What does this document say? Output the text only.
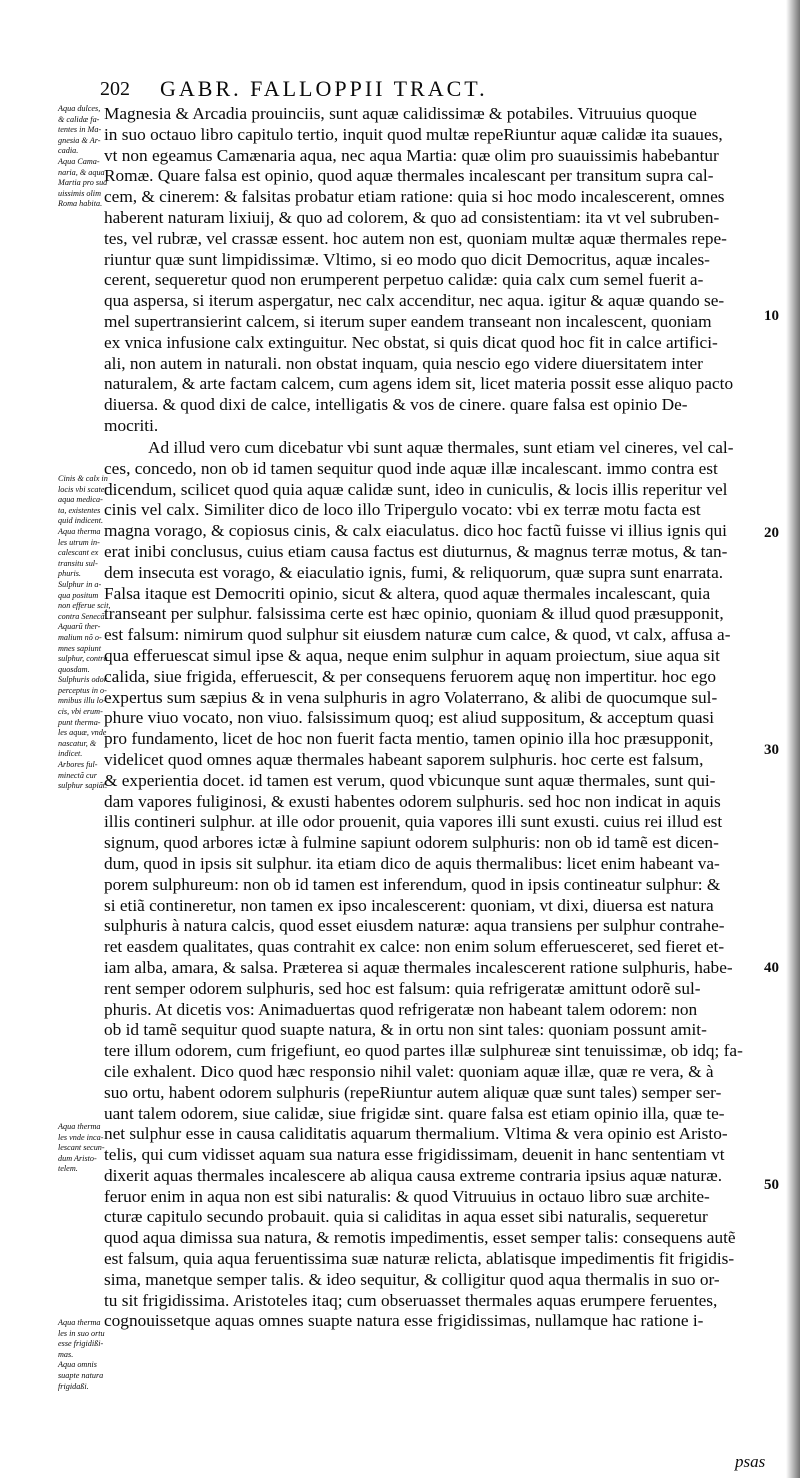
202 GABR. FALLOPPII TRACT.
Aqua dulces,
& calidæ fa-
tentes in Ma-
gnesia & Ar-
cadia.
Aqua Cama-
naria, & aqua
Martia pro sua
uissimis olim
Roma habita.
Cinis & calx in
locis vbi scatet
aqua medica-
ta, existentes
quid indicent.
Aqua therma
les utrum in-
calescant ex
transitu sul-
phuris.
Sulphur in a-
qua positum
non efferue scit,
contra Senecã.
Aquarũ ther-
malium nõ o-
mnes sapiunt
sulphur, contra
quosdam.
Sulphuris odor
perceptus in o-
mnibus illu lo-
cis, vbi erum-
punt therma-
les aquæ, vnde
nascatur, &
indicet.
Arbores ful-
minectã cur
sulphur sapiãt.
Aqua therma
les vnde inca-
lescant secun-
dum Aristo-
telem.
Aqua therma
les in suo ortu
esse frigidißi-
mas.
Aqua omnis
suapte natura
frigidaßi.
Magnesia & Arcadia prouinciis, sunt aquæ calidissimæ & potabiles. Vitruuius quoque
in suo octauo libro capitulo tertio, inquit quod multæ repeRiuntur aquæ calidæ ita suaues,
vt non egeamus Camænaria aqua, nec aqua Martia: quæ olim pro suauissimis habebantur
Romæ. Quare falsa est opinio, quod aquæ thermales incalescant per transitum supra cal-
cem, & cinerem: & falsitas probatur etiam ratione: quia si hoc modo incalescerent, omnes
haberent naturam lixiuij, & quo ad colorem, & quo ad consistentiam: ita vt vel subruben-
tes, vel rubræ, vel crassæ essent. hoc autem non est, quoniam multæ aquæ thermales repe-
riuntur quæ sunt limpidissimæ. Vltimo, si eo modo quo dicit Democritus, aquæ incales-
cerent, sequeretur quod non erumperent perpetuo calidæ: quia calx cum semel fuerit a-
qua aspersa, si iterum aspergatur, nec calx accenditur, nec aqua. igitur & aquæ quando se-
mel supertransierint calcem, si iterum super eandem transeant non incalescent, quoniam
ex vnica infusione calx extinguitur. Nec obstat, si quis dicat quod hoc fit in calce artifici-
ali, non autem in naturali. non obstat inquam, quia nescio ego videre diuersitatem inter
naturalem, & arte factam calcem, cum agens idem sit, licet materia possit esse aliquo pacto
diuersa. & quod dixi de calce, intelligatis & vos de cinere. quare falsa est opinio De-
mocriti.
Ad illud vero cum dicebatur vbi sunt aquæ thermales, sunt etiam vel cineres, vel cal-
ces, concedo, non ob id tamen sequitur quod inde aquæ illæ incalescant. immo contra est
dicendum, scilicet quod quia aquæ calidæ sunt, ideo in cuniculis, & locis illis reperitur vel
cinis vel calx. Similiter dico de loco illo Tripergulo vocato: vbi ex terræ motu facta est
magna vorago, & copiosus cinis, & calx eiaculatus. dico hoc factũ fuisse vi illius ignis qui
erat inibi conclusus, cuius etiam causa factus est diuturnus, & magnus terræ motus, & tan-
dem insecuta est vorago, & eiaculatio ignis, fumi, & reliquorum, quæ supra sunt enarrata.
Falsa itaque est Democriti opinio, sicut & altera, quod aquæ thermales incalescant, quia
transeant per sulphur. falsissima certe est hæc opinio, quoniam & illud quod præsupponit,
est falsum: nimirum quod sulphur sit eiusdem naturæ cum calce, & quod, vt calx, affusa a-
qua efferuescat simul ipse & aqua, neque enim sulphur in aquam proiectum, siue aqua sit
calida, siue frigida, efferuescit, & per consequens feruorem aquę non impertitur. hoc ego
expertus sum sæpius & in vena sulphuris in agro Volaterrano, & alibi de quocumque sul-
phure viuo vocato, non viuo. falsissimum quoq; est aliud suppositum, & acceptum quasi
pro fundamento, licet de hoc non fuerit facta mentio, tamen opinio illa hoc præsupponit,
videlicet quod omnes aquæ thermales habeant saporem sulphuris. hoc certe est falsum,
& experientia docet. id tamen est verum, quod vbicunque sunt aquæ thermales, sunt qui-
dam vapores fuliginosi, & exusti habentes odorem sulphuris. sed hoc non indicat in aquis
illis contineri sulphur. at ille odor prouenit, quia vapores illi sunt exusti. cuius rei illud est
signum, quod arbores ictæ à fulmine sapiunt odorem sulphuris: non ob id tamẽ est dicen-
dum, quod in ipsis sit sulphur. ita etiam dico de aquis thermalibus: licet enim habeant va-
porem sulphureum: non ob id tamen est inferendum, quod in ipsis contineatur sulphur: &
si etiã contineretur, non tamen ex ipso incalescerent: quoniam, vt dixi, diuersa est natura
sulphuris à natura calcis, quod esset eiusdem naturæ: aqua transiens per sulphur contrahe-
ret easdem qualitates, quas contrahit ex calce: non enim solum efferuesceret, sed fieret et-
iam alba, amara, & salsa. Præterea si aquæ thermales incalescerent ratione sulphuris, habe-
rent semper odorem sulphuris, sed hoc est falsum: quia refrigeratæ amittunt odorẽ sul-
phuris. At dicetis vos: Animaduertas quod refrigeratæ non habeant talem odorem: non
ob id tamẽ sequitur quod suapte natura, & in ortu non sint tales: quoniam possunt amit-
tere illum odorem, cum frigefiunt, eo quod partes illæ sulphureæ sint tenuissimæ, ob idq; fa-
cile exhalent. Dico quod hæc responsio nihil valet: quoniam aquæ illæ, quæ re vera, & à
suo ortu, habent odorem sulphuris (repeRiuntur autem aliquæ quæ sunt tales) semper ser-
uant talem odorem, siue calidæ, siue frigidæ sint. quare falsa est etiam opinio illa, quæ te-
net sulphur esse in causa caliditatis aquarum thermalium. Vltima & vera opinio est Aristo-
telis, qui cum vidisset aquam sua natura esse frigidissimam, deuenit in hanc sententiam vt
dixerit aquas thermales incalescere ab aliqua causa extreme contraria ipsius aquæ naturæ.
feruor enim in aqua non est sibi naturalis: & quod Vitruuius in octauo libro suæ archite-
cturæ capitulo secundo probauit. quia si caliditas in aqua esset sibi naturalis, sequeretur
quod aqua dimissa sua natura, & remotis impedimentis, esset semper talis: consequens autẽ
est falsum, quia aqua feruentissima suæ naturæ relicta, ablatisque impedimentis fit frigidis-
sima, manetque semper talis. & ideo sequitur, & colligitur quod aqua thermalis in suo or-
tu sit frigidissima. Aristoteles itaq; cum obseruasset thermales aquas erumpere feruentes,
cognouissetque aquas omnes suapte natura esse frigidissimas, nullamque hac ratione i-
10
20
30
40
50
psas
